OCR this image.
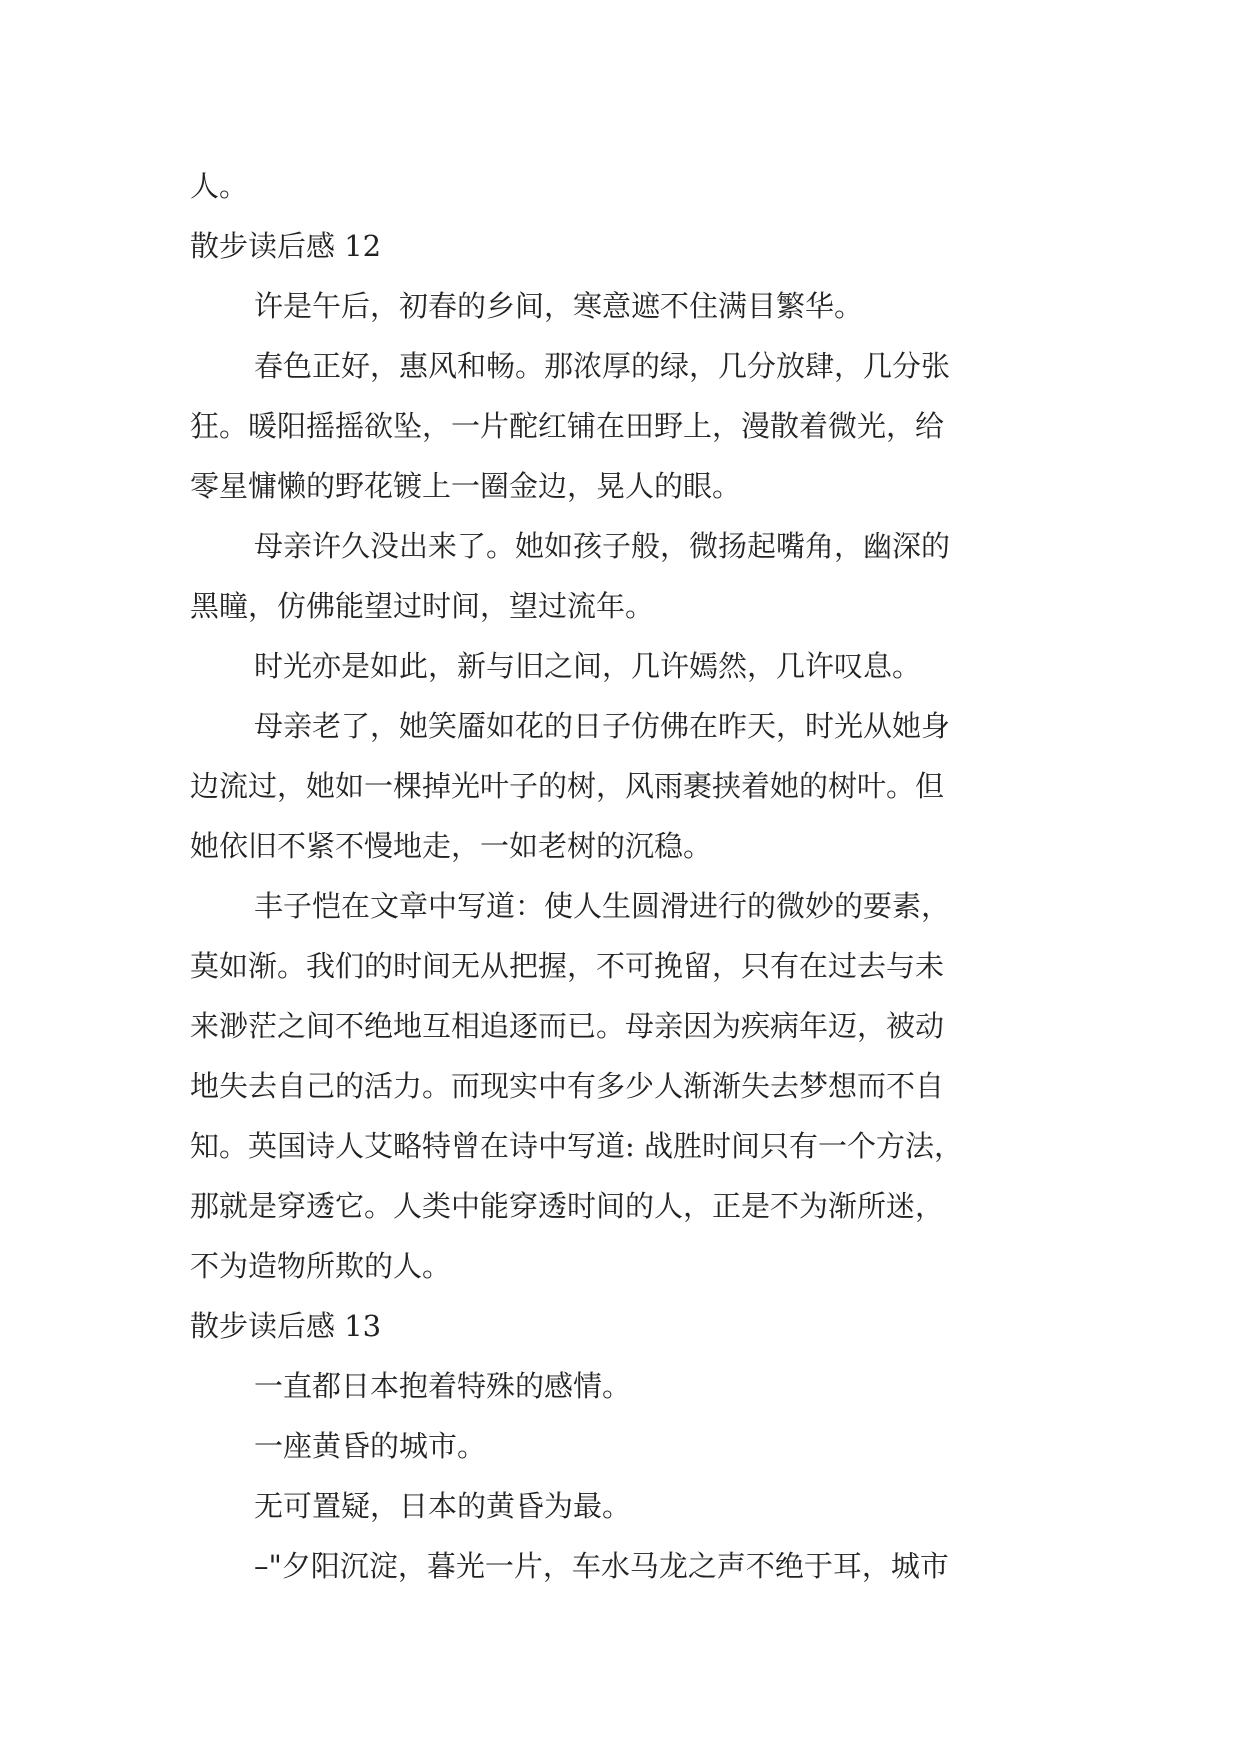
人。
散步读后感 12
许是午后，初春的乡间，寒意遮不住满目繁华。
春色正好，惠风和畅。那浓厚的绿，几分放肆，几分张
狂。暖阳摇摇欲坠，一片酡红铺在田野上，漫散着微光，给
零星慵懒的野花镀上一圈金边，晃人的眼。
母亲许久没出来了。她如孩子般，微扬起嘴角，幽深的
黑瞳，仿佛能望过时间，望过流年。
时光亦是如此，新与旧之间，几许嫣然，几许叹息。
母亲老了，她笑靥如花的日子仿佛在昨天，时光从她身
边流过，她如一棵掉光叶子的树，风雨裹挟着她的树叶。但
她依旧不紧不慢地走，一如老树的沉稳。
丰子恺在文章中写道：使人生圆滑进行的微妙的要素，
莫如渐。我们的时间无从把握，不可挽留，只有在过去与未
来渺茫之间不绝地互相追逐而已。母亲因为疾病年迈，被动
地失去自己的活力。而现实中有多少人渐渐失去梦想而不自
知。英国诗人艾略特曾在诗中写道: 战胜时间只有一个方法，
那就是穿透它。人类中能穿透时间的人，正是不为渐所迷，
不为造物所欺的人。
散步读后感 13
一直都日本抱着特殊的感情。
一座黄昏的城市。
无可置疑，日本的黄昏为最。
–"夕阳沉淀，暮光一片，车水马龙之声不绝于耳，城市
